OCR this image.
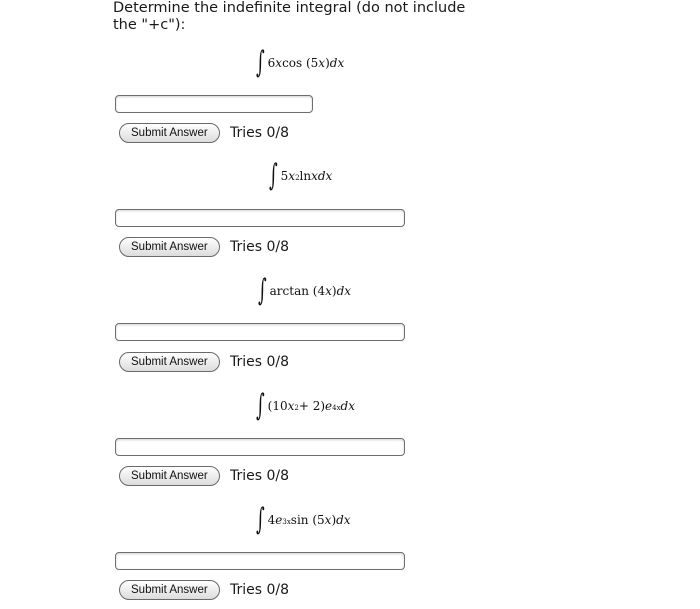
Determine the indefinite integral (do not include the "+c"):

∫ 6 x cos (5 x ) dx
Submit Answer	Tries 0/8
∫ 5 x 2 ln xdx
Submit Answer	Tries 0/8
∫ arctan (4 x ) dx
Submit Answer	Tries 0/8
∫ (10 x 2 + 2) e 4x dx
Submit Answer	Tries 0/8
∫ 4 e 3x sin (5 x ) dx
Submit Answer	Tries 0/8
